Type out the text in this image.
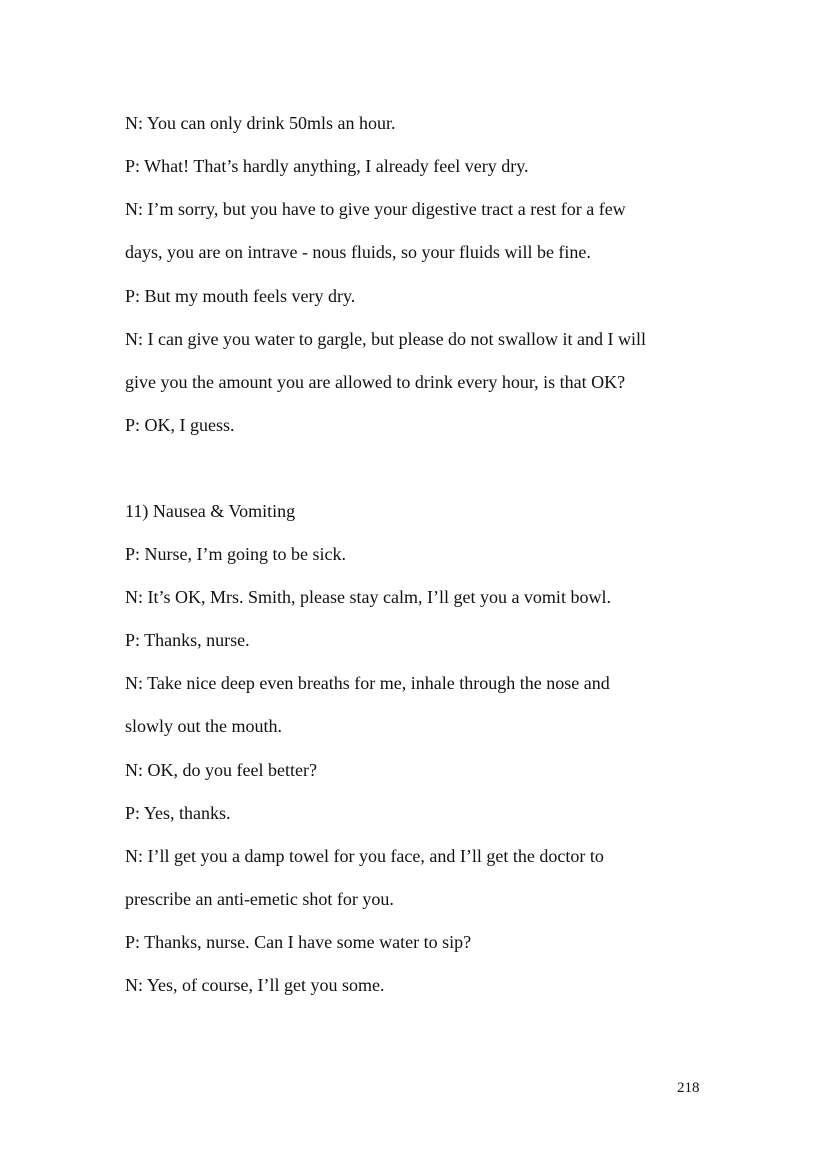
N: You can only drink 50mls an hour.
P: What! That’s hardly anything, I already feel very dry.
N: I’m sorry, but you have to give your digestive tract a rest for a few
days, you are on intrave - nous fluids, so your fluids will be fine.
P: But my mouth feels very dry.
N: I can give you water to gargle, but please do not swallow it and I will
give you the amount you are allowed to drink every hour, is that OK?
P: OK, I guess.
11) Nausea & Vomiting
P: Nurse, I’m going to be sick.
N: It’s OK, Mrs. Smith, please stay calm, I’ll get you a vomit bowl.
P: Thanks, nurse.
N: Take nice deep even breaths for me, inhale through the nose and
slowly out the mouth.
N: OK, do you feel better?
P: Yes, thanks.
N: I’ll get you a damp towel for you face, and I’ll get the doctor to
prescribe an anti-emetic shot for you.
P: Thanks, nurse. Can I have some water to sip?
N: Yes, of course, I’ll get you some.
218
